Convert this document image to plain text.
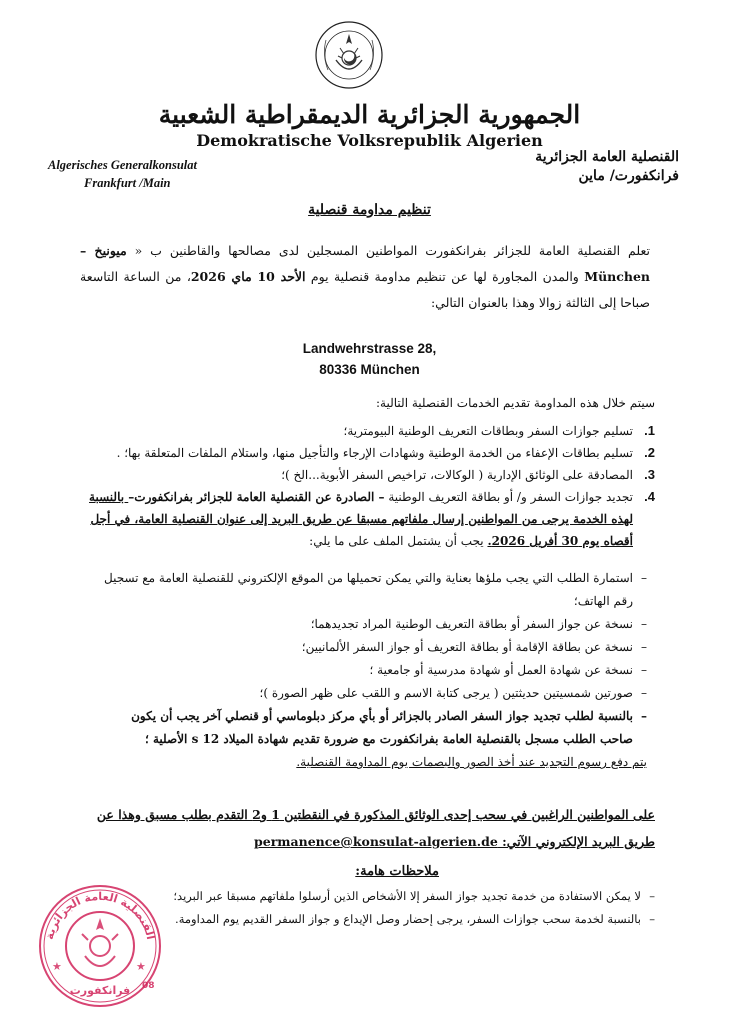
الجمهورية الجزائرية الديمقراطية الشعبية
Demokratische Volksrepublik Algerien
Algerisches Generalkonsulat
Frankfurt /Main
القنصلية العامة الجزائرية
فرانكفورت/ ماين
تنظيم مداومة قنصلية
تعلم القنصلية العامة للجزائر بفرانكفورت المواطنين المسجلين لدى مصالحها والقاطنين ب « ميونيخ – München والمدن المجاورة لها عن تنظيم مداومة قنصلية يوم الأحد 10 ماي 2026، من الساعة التاسعة صباحا إلى الثالثة زوالا وهذا بالعنوان التالي:
Landwehrstrasse 28,
80336 München
سيتم خلال هذه المداومة تقديم الخدمات القنصلية التالية:
1.
تسليم جوازات السفر وبطاقات التعريف الوطنية البيومترية؛
2.
تسليم بطاقات الإعفاء من الخدمة الوطنية وشهادات الإرجاء والتأجيل منها، واستلام الملفات المتعلقة بها؛ .
3.
المصادقة على الوثائق الإدارية ( الوكالات، تراخيص السفر الأبوية...الخ )؛
4.
تجديد جوازات السفر و/ أو بطاقة التعريف الوطنية – الصادرة عن القنصلية العامة للجزائر بفرانكفورت– بالنسبة لهذه الخدمة يرجى من المواطنين إرسال ملفاتهم مسبقا عن طريق البريد إلى عنوان القنصلية العامة، في أجل أقصاه يوم 30 أفريل 2026. يجب أن يشتمل الملف على ما يلي:
– استمارة الطلب التي يجب ملؤها بعناية والتي يمكن تحميلها من الموقع الإلكتروني للقنصلية العامة مع تسجيل رقم الهاتف؛
– نسخة عن جواز السفر أو بطاقة التعريف الوطنية المراد تجديدهما؛
– نسخة عن بطاقة الإقامة أو بطاقة التعريف أو جواز السفر الألمانيين؛
– نسخة عن شهادة العمل أو شهادة مدرسية أو جامعية ؛
– صورتين شمسيتين حديثتين ( يرجى كتابة الاسم و اللقب على ظهر الصورة )؛
– بالنسبة لطلب تجديد جواز السفر الصادر بالجزائر أو بأي مركز دبلوماسي أو قنصلي آخر يجب أن يكون صاحب الطلب مسجل بالقنصلية العامة بفرانكفورت مع ضرورة تقديم شهادة الميلاد s 12 الأصلية ؛
يتم دفع رسوم التجديد عند أخذ الصور والبصمات يوم المداومة القنصلية.
على المواطنين الراغبين في سحب إحدى الوثائق المذكورة في النقطتين 1 و2 التقدم بطلب مسبق وهذا عن
طريق البريد الإلكتروني الآتي: permanence@konsulat-algerien.de
ملاحظات هامة:
– لا يمكن الاستفادة من خدمة تجديد جواز السفر إلا الأشخاص الذين أرسلوا ملفاتهم مسبقا عبر البريد؛
– بالنسبة لخدمة سحب جوازات السفر، يرجى إحضار وصل الإيداع و جواز السفر القديم يوم المداومة.
★	★
القنصلية العامة الجزائرية
فرانكفورت 08
